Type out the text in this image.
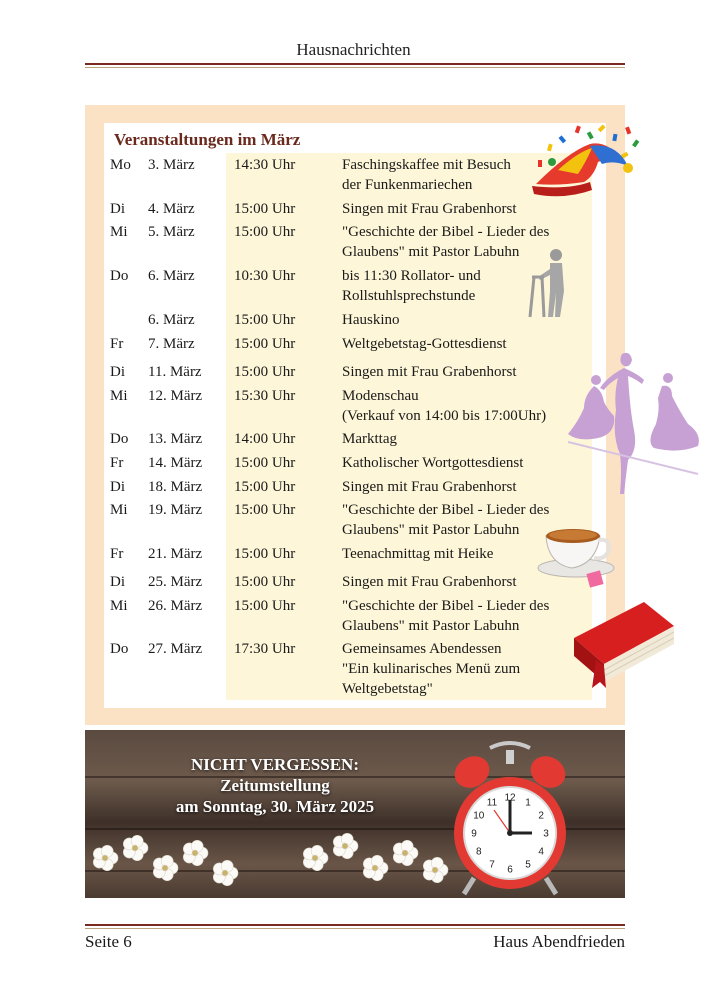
Hausnachrichten
Veranstaltungen im März
Mo 3. März	14:30 Uhr	Faschingskaffee mit Besuch
der Funkenmariechen
Di 4. März	15:00 Uhr	Singen mit Frau Grabenhorst
Mi 5. März	15:00 Uhr	"Geschichte der Bibel - Lieder des
Glaubens" mit Pastor Labuhn
Do 6. März	10:30 Uhr	bis 11:30 Rollator- und
Rollstuhlsprechstunde
6. März	15:00 Uhr	Hauskino
Fr 7. März	15:00 Uhr	Weltgebetstag-Gottesdienst
Di 11. März 15:00 Uhr	Singen mit Frau Grabenhorst
Mi 12. März 15:30 Uhr	Modenschau
(Verkauf von 14:00 bis 17:00Uhr)
Do 13. März 14:00 Uhr	Markttag
Fr 14. März 15:00 Uhr	Katholischer Wortgottesdienst
Di 18. März 15:00 Uhr	Singen mit Frau Grabenhorst
Mi 19. März 15:00 Uhr	"Geschichte der Bibel - Lieder des
Glaubens" mit Pastor Labuhn
Fr 21. März 15:00 Uhr	Teenachmittag mit Heike
Di 25. März 15:00 Uhr	Singen mit Frau Grabenhorst
Mi 26. März 15:00 Uhr	"Geschichte der Bibel - Lieder des
Glaubens" mit Pastor Labuhn
Do 27. März 17:30 Uhr	Gemeinsames Abendessen
"Ein kulinarisches Menü zum
Weltgebetstag"
NICHT VERGESSEN:
Zeitumstellung
am Sonntag, 30. März 2025	12 1
2
3
4
5
6
7
8
9
10
11
Seite 6	Haus Abendfrieden
